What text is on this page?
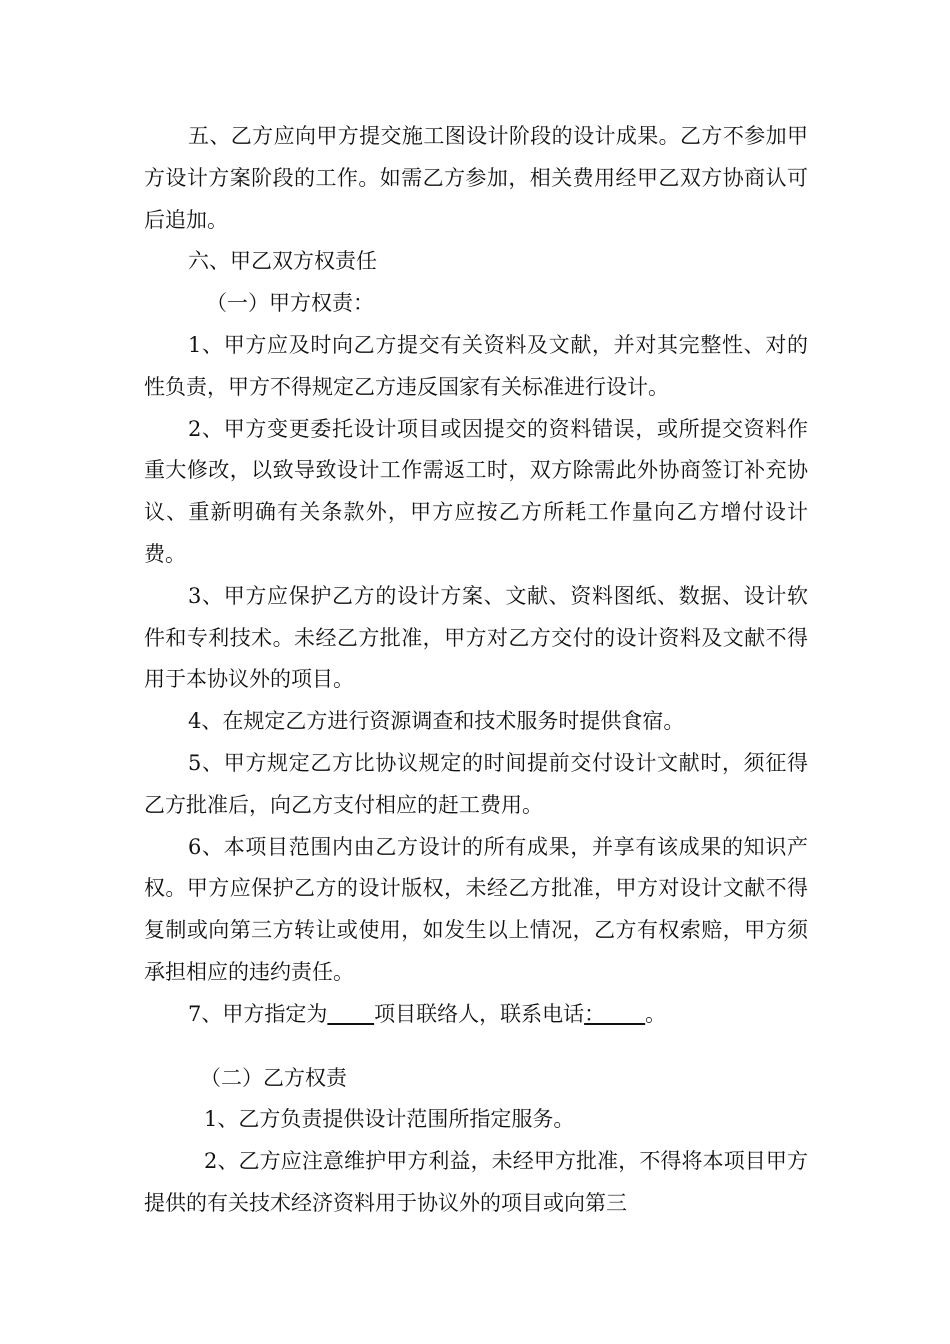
五、乙方应向甲方提交施工图设计阶段的设计成果。乙方不参加甲方设计方案阶段的工作。如需乙方参加，相关费用经甲乙双方协商认可后追加。

六、甲乙双方权责任

（一）甲方权责：

1、甲方应及时向乙方提交有关资料及文献，并对其完整性、对的性负责，甲方不得规定乙方违反国家有关标准进行设计。

2、甲方变更委托设计项目或因提交的资料错误，或所提交资料作重大修改，以致导致设计工作需返工时，双方除需此外协商签订补充协议、重新明确有关条款外，甲方应按乙方所耗工作量向乙方增付设计费。

3、甲方应保护乙方的设计方案、文献、资料图纸、数据、设计软件和专利技术。未经乙方批准，甲方对乙方交付的设计资料及文献不得用于本协议外的项目。

4、在规定乙方进行资源调查和技术服务时提供食宿。

5、甲方规定乙方比协议规定的时间提前交付设计文献时，须征得乙方批准后，向乙方支付相应的赶工费用。

6、本项目范围内由乙方设计的所有成果，并享有该成果的知识产权。甲方应保护乙方的设计版权，未经乙方批准，甲方对设计文献不得复制或向第三方转让或使用，如发生以上情况，乙方有权索赔，甲方须承担相应的违约责任。

7、甲方指定为 项目联络人，联系电话：      。

（二）乙方权责

1、乙方负责提供设计范围所指定服务。

2、乙方应注意维护甲方利益，未经甲方批准，不得将本项目甲方提供的有关技术经济资料用于协议外的项目或向第三
